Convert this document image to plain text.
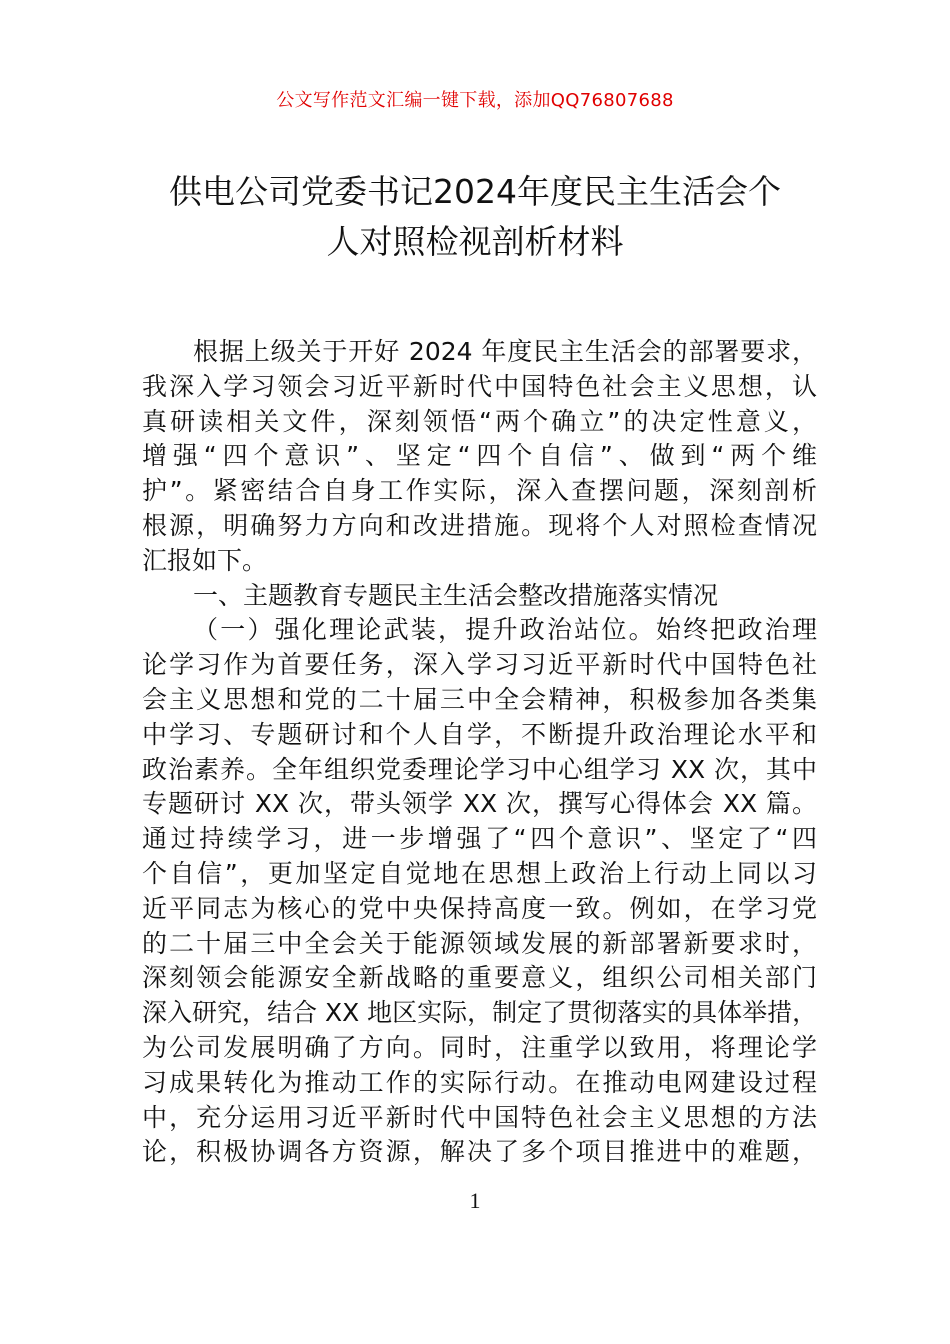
公文写作范文汇编一键下载，添加QQ76807688
供电公司党委书记2024年度民主生活会个
人对照检视剖析材料
根据上级关于开好 2024 年度民主生活会的部署要求，
我深入学习领会习近平新时代中国特色社会主义思想，认
真研读相关文件，深刻领悟“两个确立”的决定性意义，
增强“四个意识”、坚定“四个自信”、做到“两个维
护”。紧密结合自身工作实际，深入查摆问题，深刻剖析
根源，明确努力方向和改进措施。现将个人对照检查情况
汇报如下。
一、主题教育专题民主生活会整改措施落实情况
（一）强化理论武装，提升政治站位。始终把政治理
论学习作为首要任务，深入学习习近平新时代中国特色社
会主义思想和党的二十届三中全会精神，积极参加各类集
中学习、专题研讨和个人自学，不断提升政治理论水平和
政治素养。全年组织党委理论学习中心组学习 XX 次，其中
专题研讨 XX 次，带头领学 XX 次，撰写心得体会 XX 篇。
通过持续学习，进一步增强了“四个意识”、坚定了“四
个自信”，更加坚定自觉地在思想上政治上行动上同以习
近平同志为核心的党中央保持高度一致。例如，在学习党
的二十届三中全会关于能源领域发展的新部署新要求时，
深刻领会能源安全新战略的重要意义，组织公司相关部门
深入研究，结合 XX 地区实际，制定了贯彻落实的具体举措，
为公司发展明确了方向。同时，注重学以致用，将理论学
习成果转化为推动工作的实际行动。在推动电网建设过程
中，充分运用习近平新时代中国特色社会主义思想的方法
论，积极协调各方资源，解决了多个项目推进中的难题，
1
